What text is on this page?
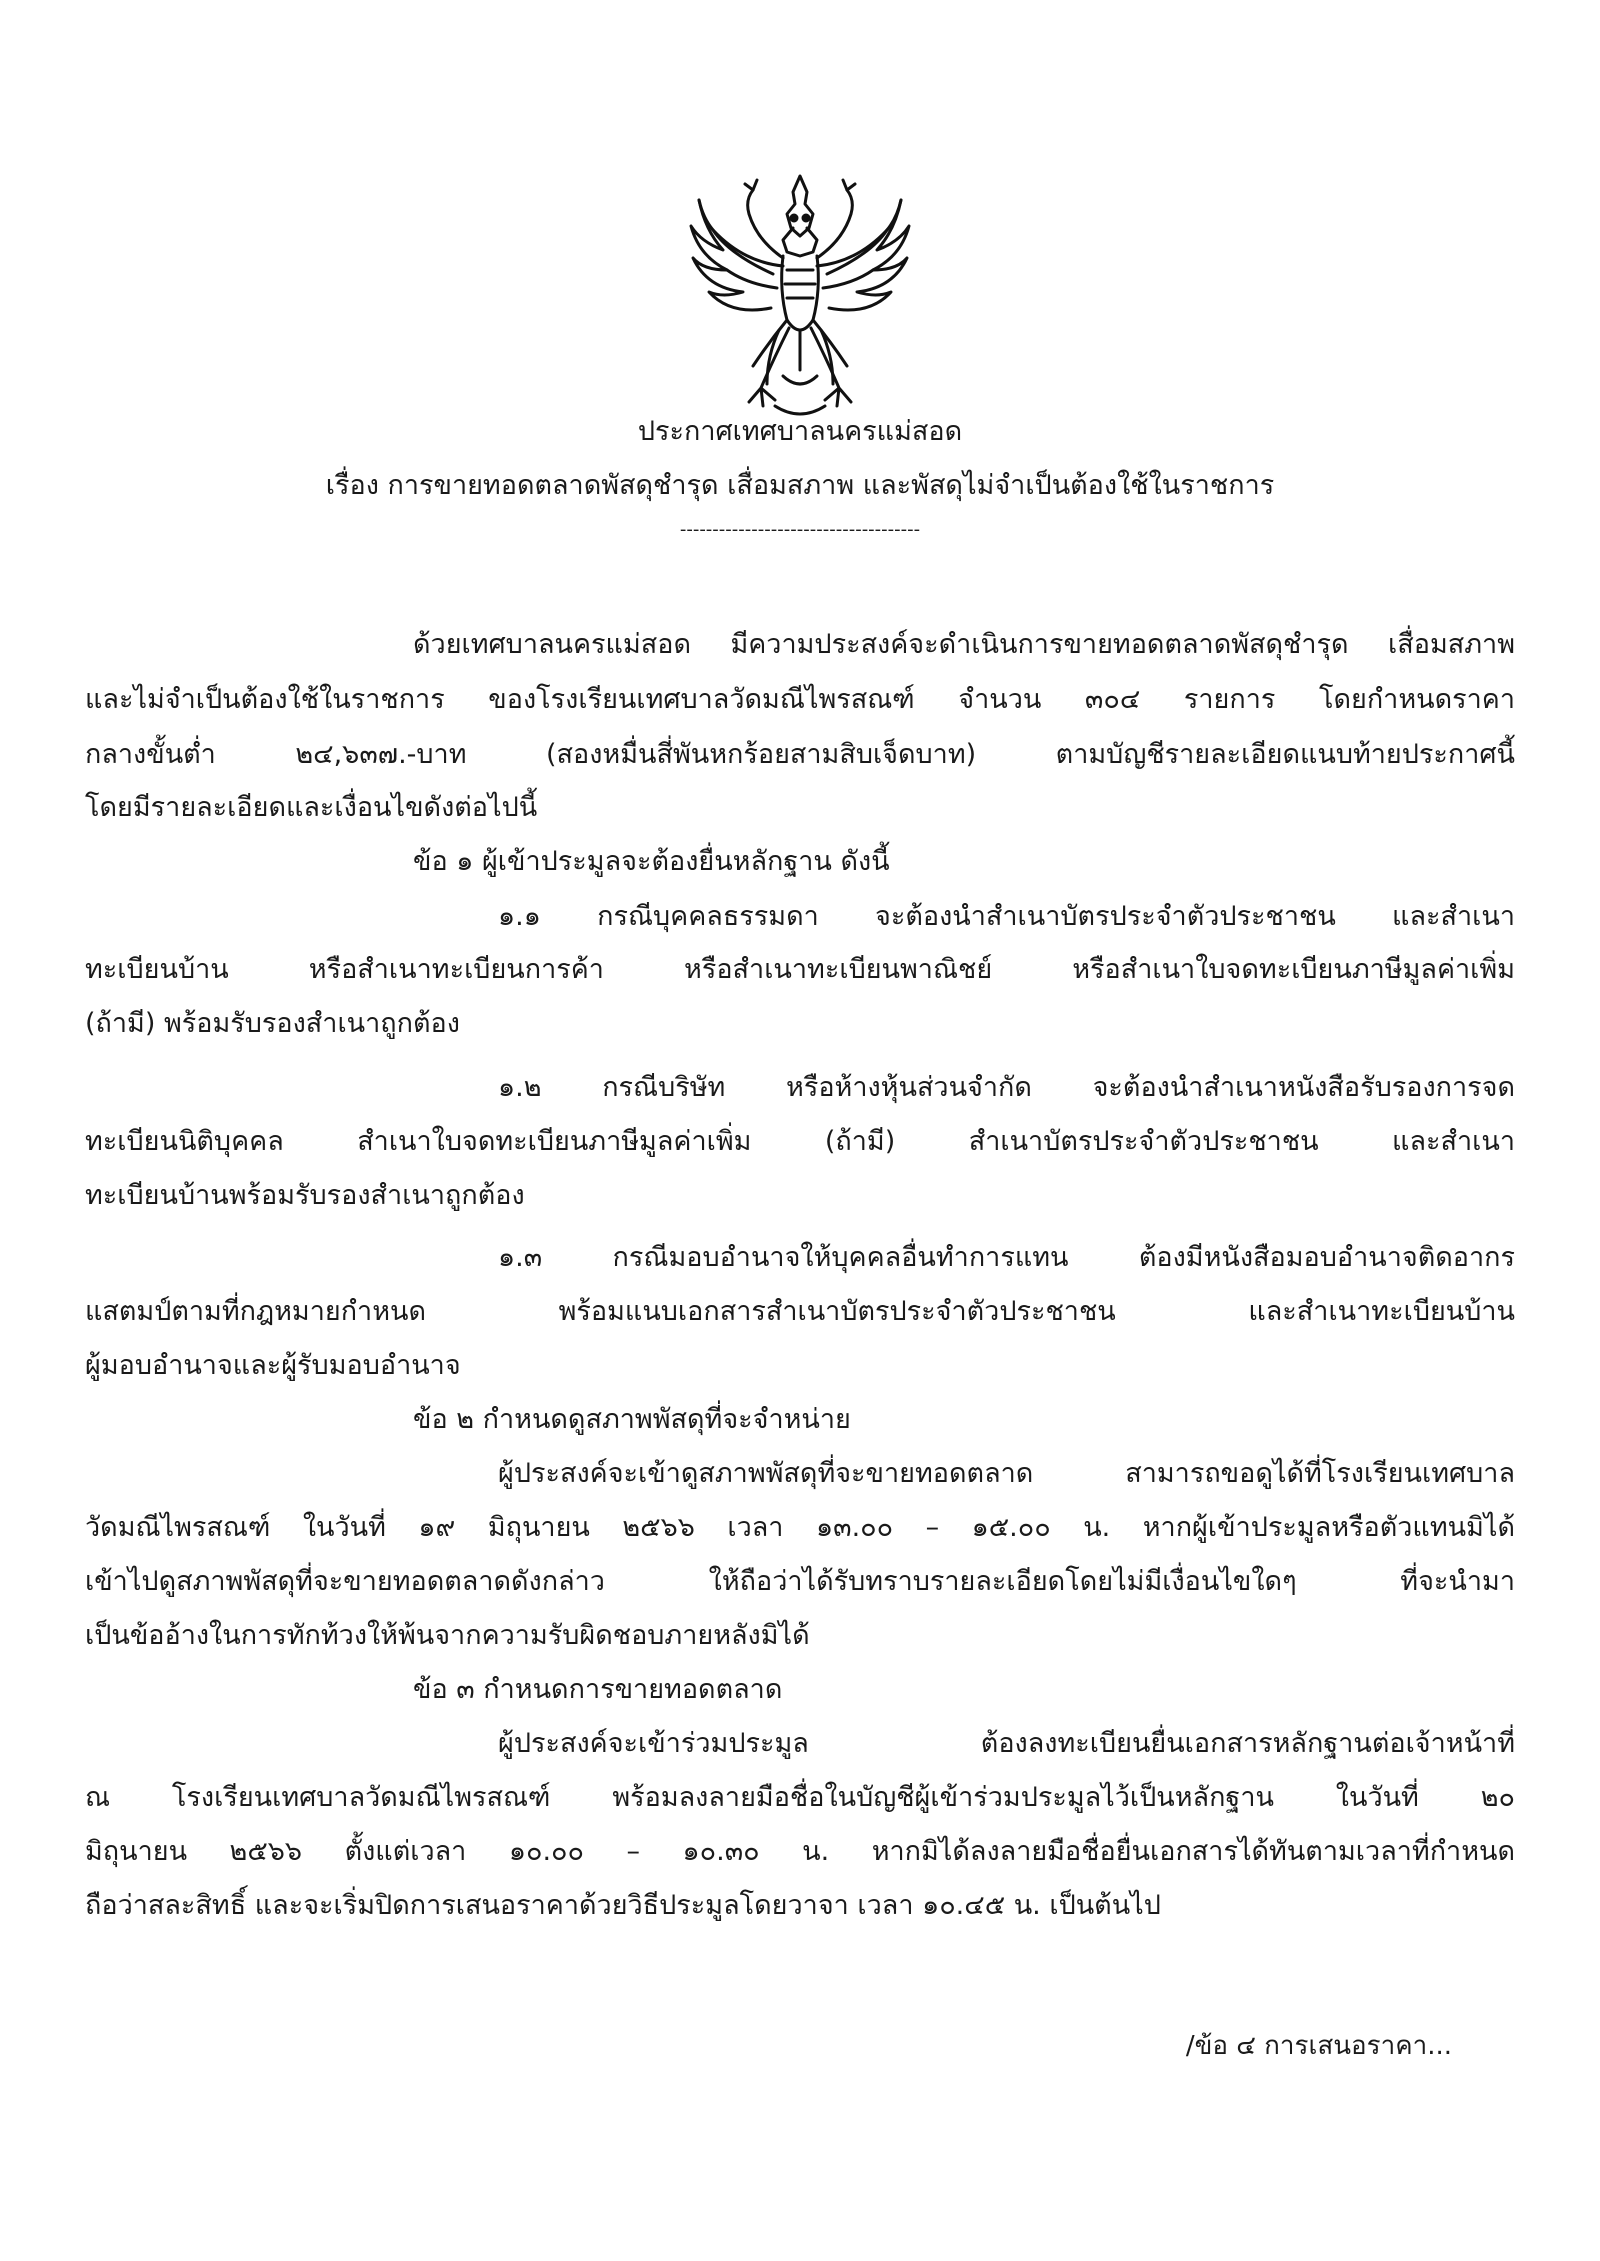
ประกาศเทศบาลนครแม่สอด
เรื่อง การขายทอดตลาดพัสดุชำรุด เสื่อมสภาพ และพัสดุไม่จำเป็นต้องใช้ในราชการ
-------------------------------------
ด้วยเทศบาลนครแม่สอด มีความประสงค์จะดำเนินการขายทอดตลาดพัสดุชำรุด เสื่อมสภาพ
และไม่จำเป็นต้องใช้ในราชการ ของโรงเรียนเทศบาลวัดมณีไพรสณฑ์ จำนวน ๓๐๔ รายการ โดยกำหนดราคา
กลางขั้นต่ำ ๒๔,๖๓๗.-บาท (สองหมื่นสี่พันหกร้อยสามสิบเจ็ดบาท) ตามบัญชีรายละเอียดแนบท้ายประกาศนี้
โดยมีรายละเอียดและเงื่อนไขดังต่อไปนี้
ข้อ ๑ ผู้เข้าประมูลจะต้องยื่นหลักฐาน ดังนี้
๑.๑ กรณีบุคคลธรรมดา จะต้องนำสำเนาบัตรประจำตัวประชาชน และสำเนา
ทะเบียนบ้าน หรือสำเนาทะเบียนการค้า หรือสำเนาทะเบียนพาณิชย์ หรือสำเนาใบจดทะเบียนภาษีมูลค่าเพิ่ม
(ถ้ามี) พร้อมรับรองสำเนาถูกต้อง
๑.๒ กรณีบริษัท หรือห้างหุ้นส่วนจำกัด จะต้องนำสำเนาหนังสือรับรองการจด
ทะเบียนนิติบุคคล สำเนาใบจดทะเบียนภาษีมูลค่าเพิ่ม (ถ้ามี) สำเนาบัตรประจำตัวประชาชน และสำเนา
ทะเบียนบ้านพร้อมรับรองสำเนาถูกต้อง
๑.๓ กรณีมอบอำนาจให้บุคคลอื่นทำการแทน ต้องมีหนังสือมอบอำนาจติดอากร
แสตมป์ตามที่กฎหมายกำหนด พร้อมแนบเอกสารสำเนาบัตรประจำตัวประชาชน และสำเนาทะเบียนบ้าน
ผู้มอบอำนาจและผู้รับมอบอำนาจ
ข้อ ๒ กำหนดดูสภาพพัสดุที่จะจำหน่าย
ผู้ประสงค์จะเข้าดูสภาพพัสดุที่จะขายทอดตลาด สามารถขอดูได้ที่โรงเรียนเทศบาล
วัดมณีไพรสณฑ์ ในวันที่ ๑๙ มิถุนายน ๒๕๖๖ เวลา ๑๓.๐๐ – ๑๕.๐๐ น. หากผู้เข้าประมูลหรือตัวแทนมิได้
เข้าไปดูสภาพพัสดุที่จะขายทอดตลาดดังกล่าว ให้ถือว่าได้รับทราบรายละเอียดโดยไม่มีเงื่อนไขใดๆ ที่จะนำมา
เป็นข้ออ้างในการทักท้วงให้พ้นจากความรับผิดชอบภายหลังมิได้
ข้อ ๓ กำหนดการขายทอดตลาด
ผู้ประสงค์จะเข้าร่วมประมูล ต้องลงทะเบียนยื่นเอกสารหลักฐานต่อเจ้าหน้าที่
ณ โรงเรียนเทศบาลวัดมณีไพรสณฑ์ พร้อมลงลายมือชื่อในบัญชีผู้เข้าร่วมประมูลไว้เป็นหลักฐาน ในวันที่ ๒๐
มิถุนายน ๒๕๖๖ ตั้งแต่เวลา ๑๐.๐๐ – ๑๐.๓๐ น. หากมิได้ลงลายมือชื่อยื่นเอกสารได้ทันตามเวลาที่กำหนด
ถือว่าสละสิทธิ์ และจะเริ่มปิดการเสนอราคาด้วยวิธีประมูลโดยวาจา เวลา ๑๐.๔๕ น. เป็นต้นไป
/ข้อ ๔ การเสนอราคา...
